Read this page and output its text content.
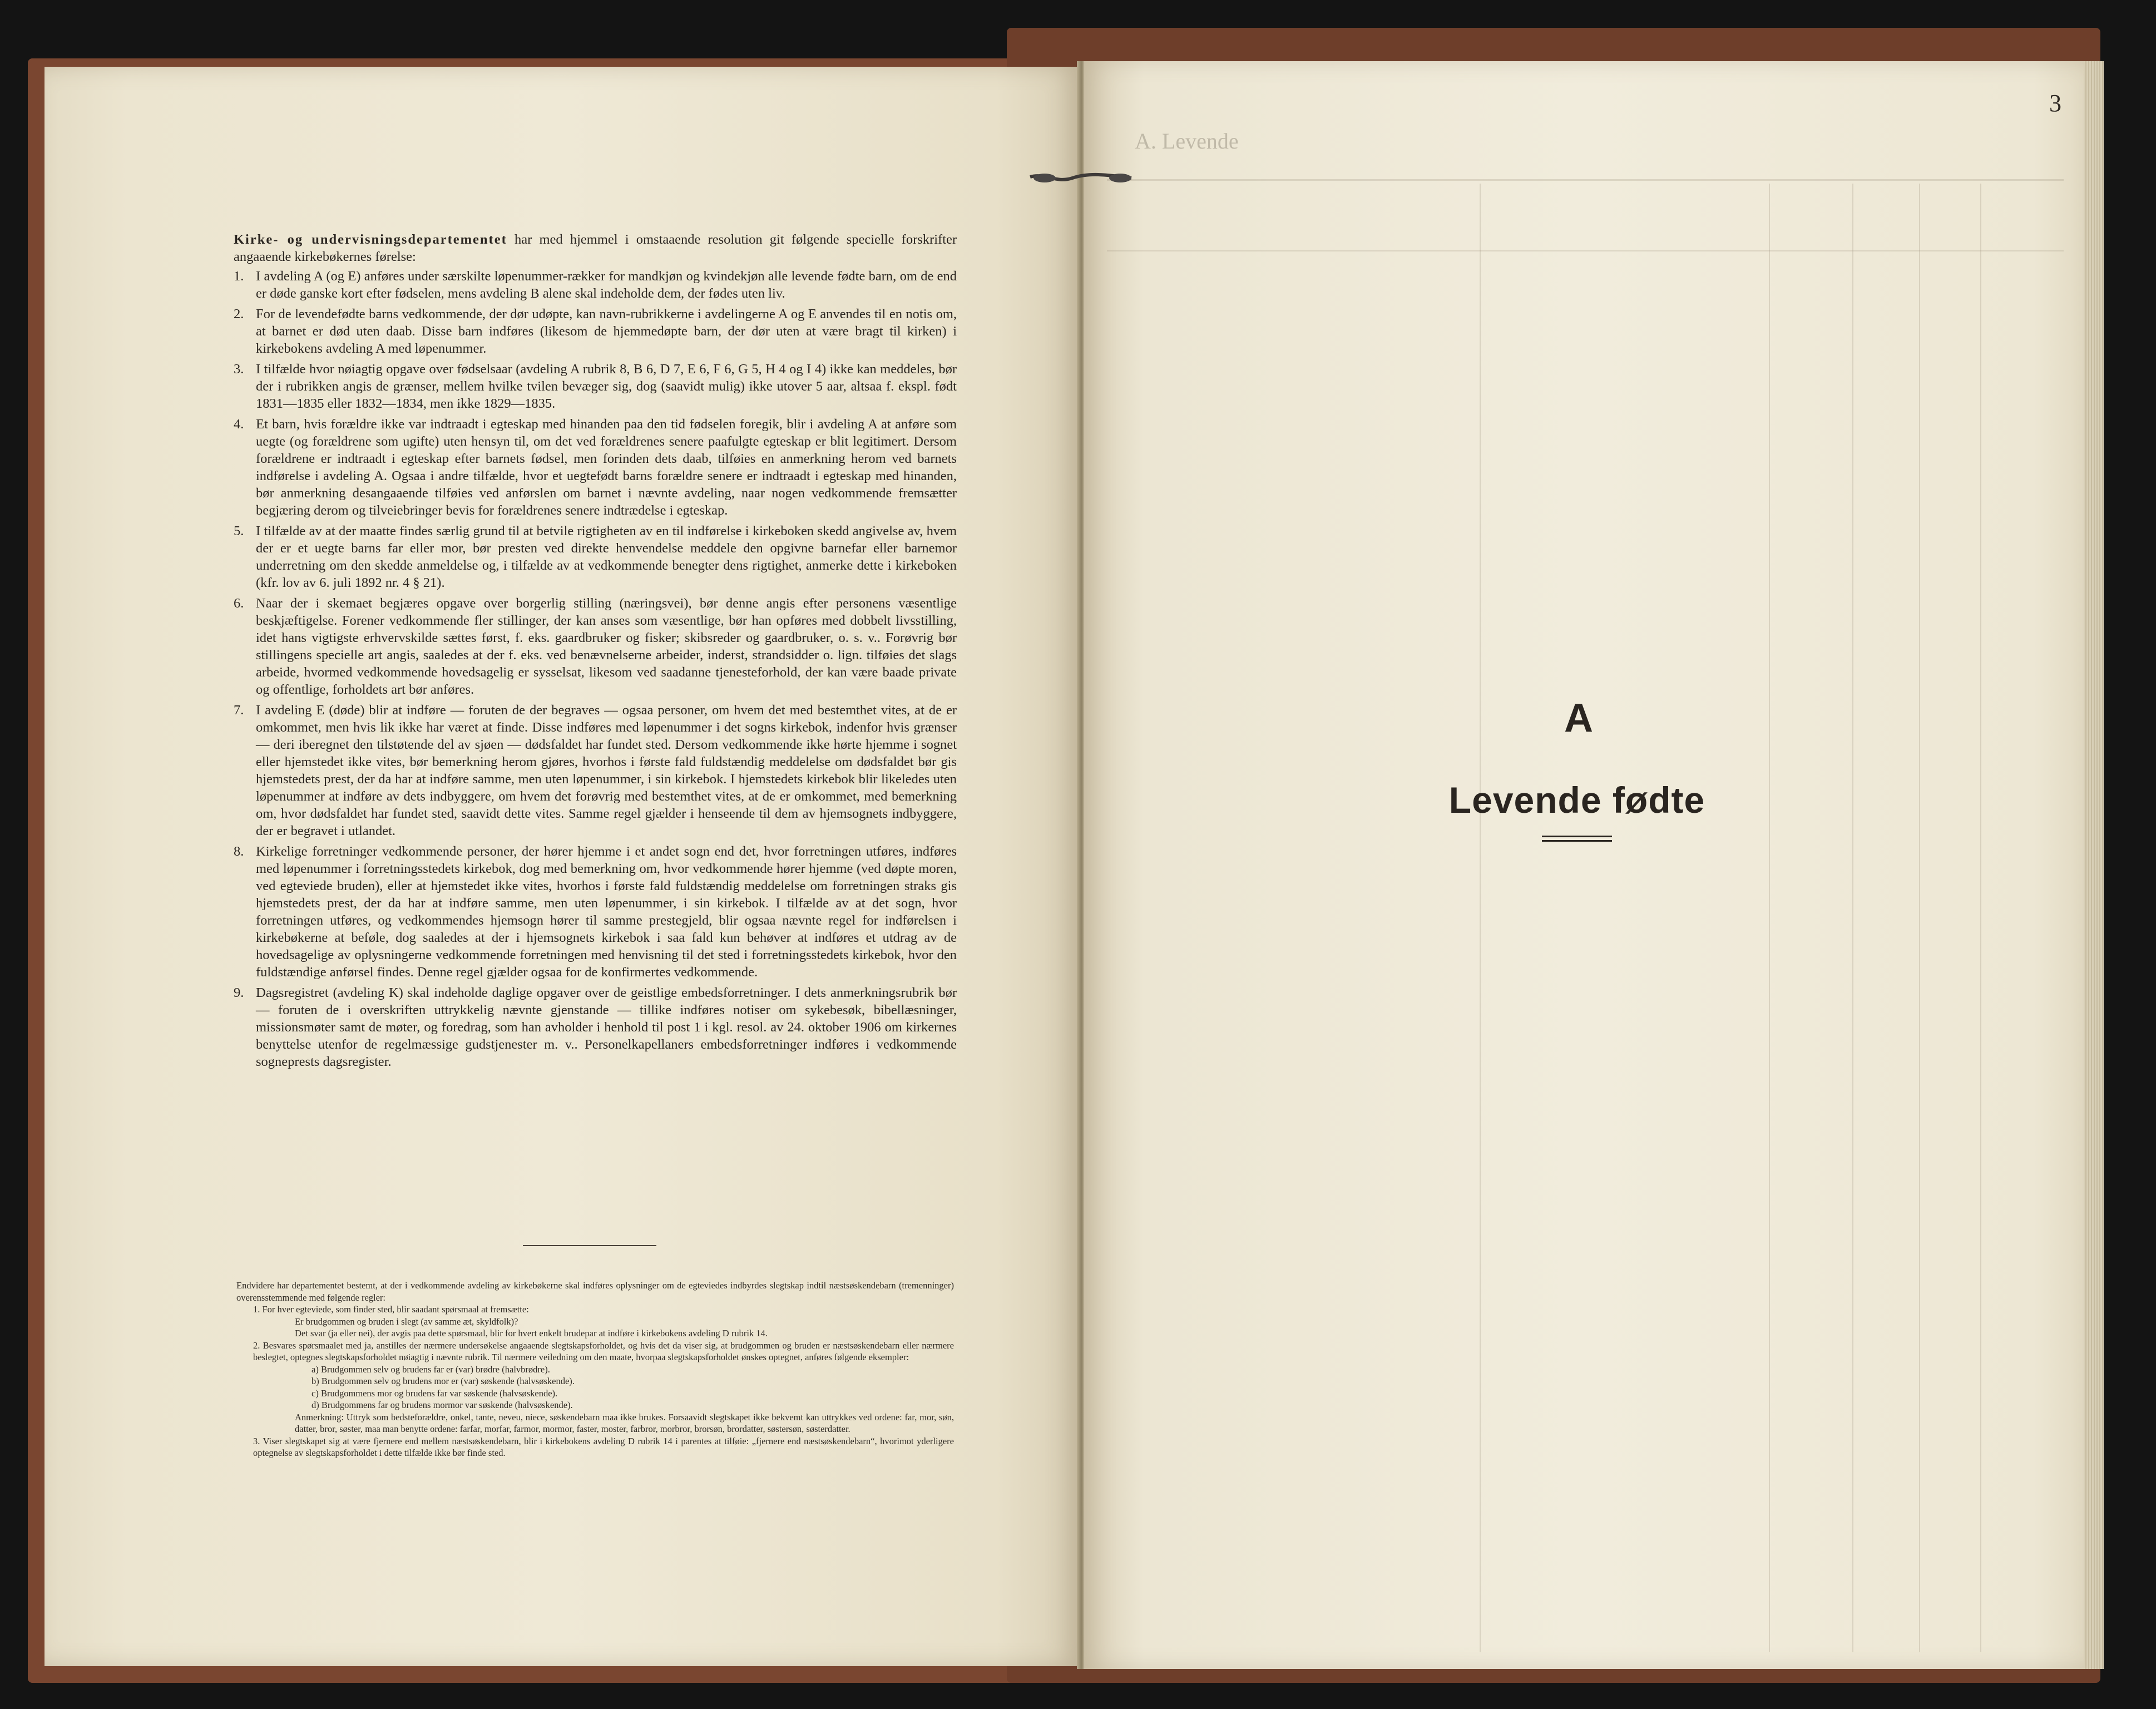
Kirke- og undervisningsdepartementet har med hjemmel i omstaaende resolution git følgende specielle forskrifter angaaende kirkebøkernes førelse:

1. I avdeling A (og E) anføres under særskilte løpenummer-rækker for mandkjøn og kvindekjøn alle levende fødte barn, om de end er døde ganske kort efter fødselen, mens avdeling B alene skal indeholde dem, der fødes uten liv.

2. For de levendefødte barns vedkommende, der dør udøpte, kan navn-rubrikkerne i avdelingerne A og E anvendes til en notis om, at barnet er død uten daab. Disse barn indføres (likesom de hjemmedøpte barn, der dør uten at være bragt til kirken) i kirkebokens avdeling A med løpenummer.

3. I tilfælde hvor nøiagtig opgave over fødselsaar (avdeling A rubrik 8, B 6, D 7, E 6, F 6, G 5, H 4 og I 4) ikke kan meddeles, bør der i rubrikken angis de grænser, mellem hvilke tvilen bevæger sig, dog (saavidt mulig) ikke utover 5 aar, altsaa f. ekspl. født 1831—1835 eller 1832—1834, men ikke 1829—1835.

4. Et barn, hvis forældre ikke var indtraadt i egteskap med hinanden paa den tid fødselen foregik, blir i avdeling A at anføre som uegte (og forældrene som ugifte) uten hensyn til, om det ved forældrenes senere paafulgte egteskap er blit legitimert. Dersom forældrene er indtraadt i egteskap efter barnets fødsel, men forinden dets daab, tilføies en anmerkning herom ved barnets indførelse i avdeling A. Ogsaa i andre tilfælde, hvor et uegtefødt barns forældre senere er indtraadt i egteskap med hinanden, bør anmerkning desangaaende tilføies ved anførslen om barnet i nævnte avdeling, naar nogen vedkommende fremsætter begjæring derom og tilveiebringer bevis for forældrenes senere indtrædelse i egteskap.

5. I tilfælde av at der maatte findes særlig grund til at betvile rigtigheten av en til indførelse i kirkeboken skedd angivelse av, hvem der er et uegte barns far eller mor, bør presten ved direkte henvendelse meddele den opgivne barnefar eller barnemor underretning om den skedde anmeldelse og, i tilfælde av at vedkommende benegter dens rigtighet, anmerke dette i kirkeboken (kfr. lov av 6. juli 1892 nr. 4 § 21).

6. Naar der i skemaet begjæres opgave over borgerlig stilling (næringsvei), bør denne angis efter personens væsentlige beskjæftigelse. Forener vedkommende fler stillinger, der kan anses som væsentlige, bør han opføres med dobbelt livsstilling, idet hans vigtigste erhvervskilde sættes først, f. eks. gaardbruker og fisker; skibsreder og gaardbruker, o. s. v.. Forøvrig bør stillingens specielle art angis, saaledes at der f. eks. ved benævnelserne arbeider, inderst, strandsidder o. lign. tilføies det slags arbeide, hvormed vedkommende hovedsagelig er sysselsat, likesom ved saadanne tjenesteforhold, der kan være baade private og offentlige, forholdets art bør anføres.

7. I avdeling E (døde) blir at indføre — foruten de der begraves — ogsaa personer, om hvem det med bestemthet vites, at de er omkommet, men hvis lik ikke har været at finde. Disse indføres med løpenummer i det sogns kirkebok, indenfor hvis grænser — deri iberegnet den tilstøtende del av sjøen — dødsfaldet har fundet sted. Dersom vedkommende ikke hørte hjemme i sognet eller hjemstedet ikke vites, bør bemerkning herom gjøres, hvorhos i første fald fuldstændig meddelelse om dødsfaldet bør gis hjemstedets prest, der da har at indføre samme, men uten løpenummer, i sin kirkebok. I hjemstedets kirkebok blir likeledes uten løpenummer at indføre av dets indbyggere, om hvem det forøvrig med bestemthet vites, at de er omkommet, med bemerkning om, hvor dødsfaldet har fundet sted, saavidt dette vites. Samme regel gjælder i henseende til dem av hjemsognets indbyggere, der er begravet i utlandet.

8. Kirkelige forretninger vedkommende personer, der hører hjemme i et andet sogn end det, hvor forretningen utføres, indføres med løpenummer i forretningsstedets kirkebok, dog med bemerkning om, hvor vedkommende hører hjemme (ved døpte moren, ved egteviede bruden), eller at hjemstedet ikke vites, hvorhos i første fald fuldstændig meddelelse om forretningen straks gis hjemstedets prest, der da har at indføre samme, men uten løpenummer, i sin kirkebok. I tilfælde av at det sogn, hvor forretningen utføres, og vedkommendes hjemsogn hører til samme prestegjeld, blir ogsaa nævnte regel for indførelsen i kirkebøkerne at beføle, dog saaledes at der i hjemsognets kirkebok i saa fald kun behøver at indføres et utdrag av de hovedsagelige av oplysningerne vedkommende forretningen med henvisning til det sted i forretningsstedets kirkebok, hvor den fuldstændige anførsel findes. Denne regel gjælder ogsaa for de konfirmertes vedkommende.

9. Dagsregistret (avdeling K) skal indeholde daglige opgaver over de geistlige embedsforretninger. I dets anmerkningsrubrik bør — foruten de i overskriften uttrykkelig nævnte gjenstande — tillike indføres notiser om sykebesøk, bibellæsninger, missionsmøter samt de møter, og foredrag, som han avholder i henhold til post 1 i kgl. resol. av 24. oktober 1906 om kirkernes benyttelse utenfor de regelmæssige gudstjenester m. v.. Personelkapellaners embedsforretninger indføres i vedkommende sogneprests dagsregister.

Endvidere har departementet bestemt, at der i vedkommende avdeling av kirkebøkerne skal indføres oplysninger om de egteviedes indbyrdes slegtskap indtil næstsøskendebarn (tremenninger) overensstemmende med følgende regler:

1. For hver egteviede, som finder sted, blir saadant spørsmaal at fremsætte:

Er brudgommen og bruden i slegt (av samme æt, skyldfolk)?

Det svar (ja eller nei), der avgis paa dette spørsmaal, blir for hvert enkelt brudepar at indføre i kirkebokens avdeling D rubrik 14.

2. Besvares spørsmaalet med ja, anstilles der nærmere undersøkelse angaaende slegtskapsforholdet, og hvis det da viser sig, at brudgommen og bruden er næstsøskendebarn eller nærmere beslegtet, optegnes slegtskapsforholdet nøiagtig i nævnte rubrik. Til nærmere veiledning om den maate, hvorpaa slegtskapsforholdet ønskes optegnet, anføres følgende eksempler:

a) Brudgommen selv og brudens far er (var) brødre (halvbrødre).

b) Brudgommen selv og brudens mor er (var) søskende (halvsøskende).

c) Brudgommens mor og brudens far var søskende (halvsøskende).

d) Brudgommens far og brudens mormor var søskende (halvsøskende).

Anmerkning: Uttryk som bedsteforældre, onkel, tante, neveu, niece, søskendebarn maa ikke brukes. Forsaavidt slegtskapet ikke bekvemt kan uttrykkes ved ordene: far, mor, søn, datter, bror, søster, maa man benytte ordene: farfar, morfar, farmor, mormor, faster, moster, farbror, morbror, brorsøn, brordatter, søstersøn, søsterdatter.

3. Viser slegtskapet sig at være fjernere end mellem næstsøskendebarn, blir i kirkebokens avdeling D rubrik 14 i parentes at tilføie: „fjernere end næstsøskendebarn“, hvorimot yderligere optegnelse av slegtskapsforholdet i dette tilfælde ikke bør finde sted.

A. Levende
3
A
Levende fødte
